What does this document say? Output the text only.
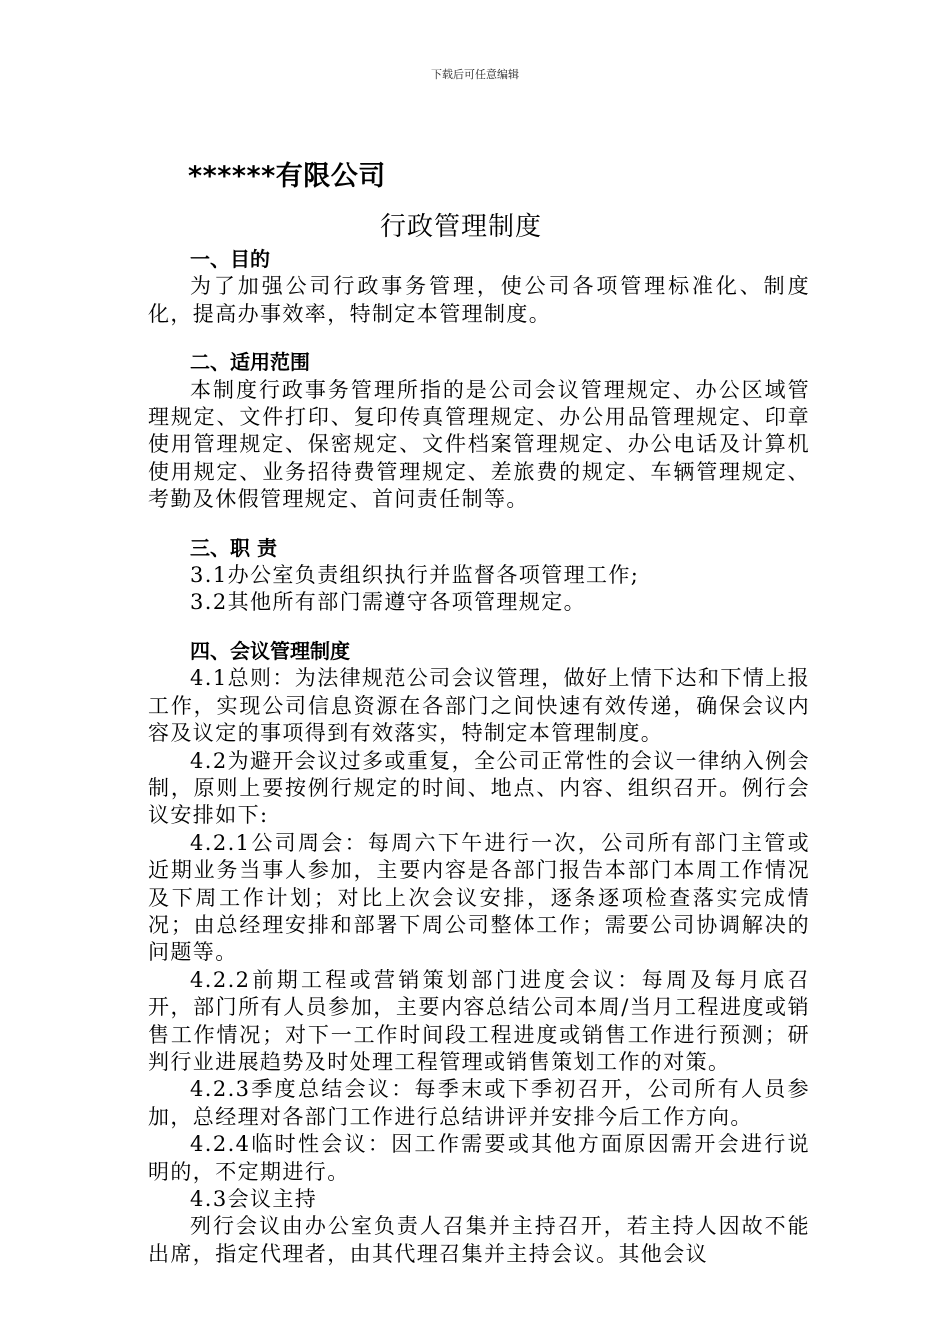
下载后可任意编辑
******有限公司
行政管理制度
一、目的

为了加强公司行政事务管理，使公司各项管理标准化、制度化，提高办事效率，特制定本管理制度。

二、适用范围

本制度行政事务管理所指的是公司会议管理规定、办公区域管理规定、文件打印、复印传真管理规定、办公用品管理规定、印章使用管理规定、保密规定、文件档案管理规定、办公电话及计算机使用规定、业务招待费管理规定、差旅费的规定、车辆管理规定、考勤及休假管理规定、首问责任制等。

三、职 责

3.1办公室负责组织执行并监督各项管理工作;

3.2其他所有部门需遵守各项管理规定。

四、会议管理制度

4.1总则：为法律规范公司会议管理，做好上情下达和下情上报工作，实现公司信息资源在各部门之间快速有效传递，确保会议内容及议定的事项得到有效落实，特制定本管理制度。

4.2为避开会议过多或重复，全公司正常性的会议一律纳入例会制，原则上要按例行规定的时间、地点、内容、组织召开。例行会议安排如下:

4.2.1公司周会：每周六下午进行一次，公司所有部门主管或近期业务当事人参加，主要内容是各部门报告本部门本周工作情况及下周工作计划；对比上次会议安排，逐条逐项检查落实完成情况；由总经理安排和部署下周公司整体工作；需要公司协调解决的问题等。

4.2.2前期工程或营销策划部门进度会议：每周及每月底召开，部门所有人员参加，主要内容总结公司本周/当月工程进度或销售工作情况；对下一工作时间段工程进度或销售工作进行预测；研判行业进展趋势及时处理工程管理或销售策划工作的对策。

4.2.3季度总结会议：每季末或下季初召开，公司所有人员参加，总经理对各部门工作进行总结讲评并安排今后工作方向。

4.2.4临时性会议：因工作需要或其他方面原因需开会进行说明的，不定期进行。

4.3会议主持

列行会议由办公室负责人召集并主持召开，若主持人因故不能出席，指定代理者，由其代理召集并主持会议。其他会议
